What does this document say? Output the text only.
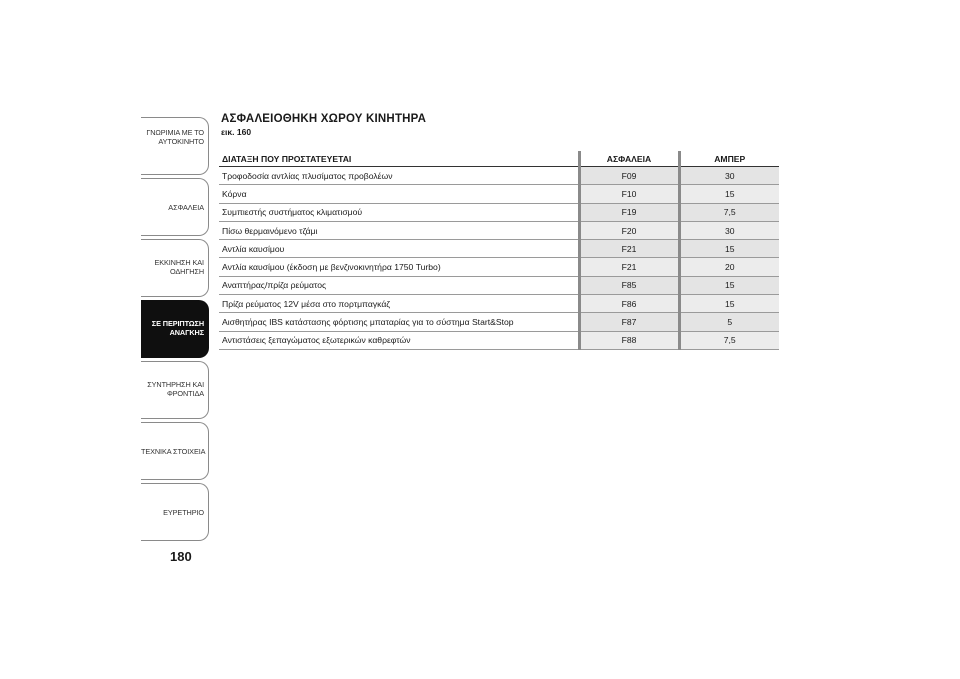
ΓΝΩΡΙΜΙΑ ΜΕ ΤΟ
ΑΥΤΟΚΙΝΗΤΟ
ΑΣΦΑΛΕΙΑ
ΕΚΚΙΝΗΣΗ ΚΑΙ
ΟΔΗΓΗΣΗ
ΣΕ ΠΕΡΙΠΤΩΣΗ
ΑΝΑΓΚΗΣ
ΣΥΝΤΗΡΗΣΗ ΚΑΙ
ΦΡΟΝΤΙΔΑ
ΤΕΧΝΙΚΑ ΣΤΟΙΧΕΙΑ
ΕΥΡΕΤΗΡΙΟ
180
ΑΣΦΑΛΕΙΟΘΗΚΗ ΧΩΡΟΥ ΚΙΝΗΤΗΡΑ
εικ. 160
ΔΙΑΤΑΞΗ ΠΟΥ ΠΡΟΣΤΑΤΕΥΕΤΑΙ	ΑΣΦΑΛΕΙΑ	ΑΜΠΕΡ
Τροφοδοσία αντλίας πλυσίματος προβολέων	F09	30
Κόρνα	F10	15
Συμπιεστής συστήματος κλιματισμού	F19	7,5
Πίσω θερμαινόμενο τζάμι	F20	30
Αντλία καυσίμου	F21	15
Αντλία καυσίμου (έκδοση με βενζινοκινητήρα 1750 Turbo)	F21	20
Αναπτήρας/πρίζα ρεύματος	F85	15
Πρίζα ρεύματος 12V μέσα στο πορτμπαγκάζ	F86	15
Αισθητήρας IBS κατάστασης φόρτισης μπαταρίας για το σύστημα Start&Stop	F87	5
Αντιστάσεις ξεπαγώματος εξωτερικών καθρεφτών	F88	7,5
